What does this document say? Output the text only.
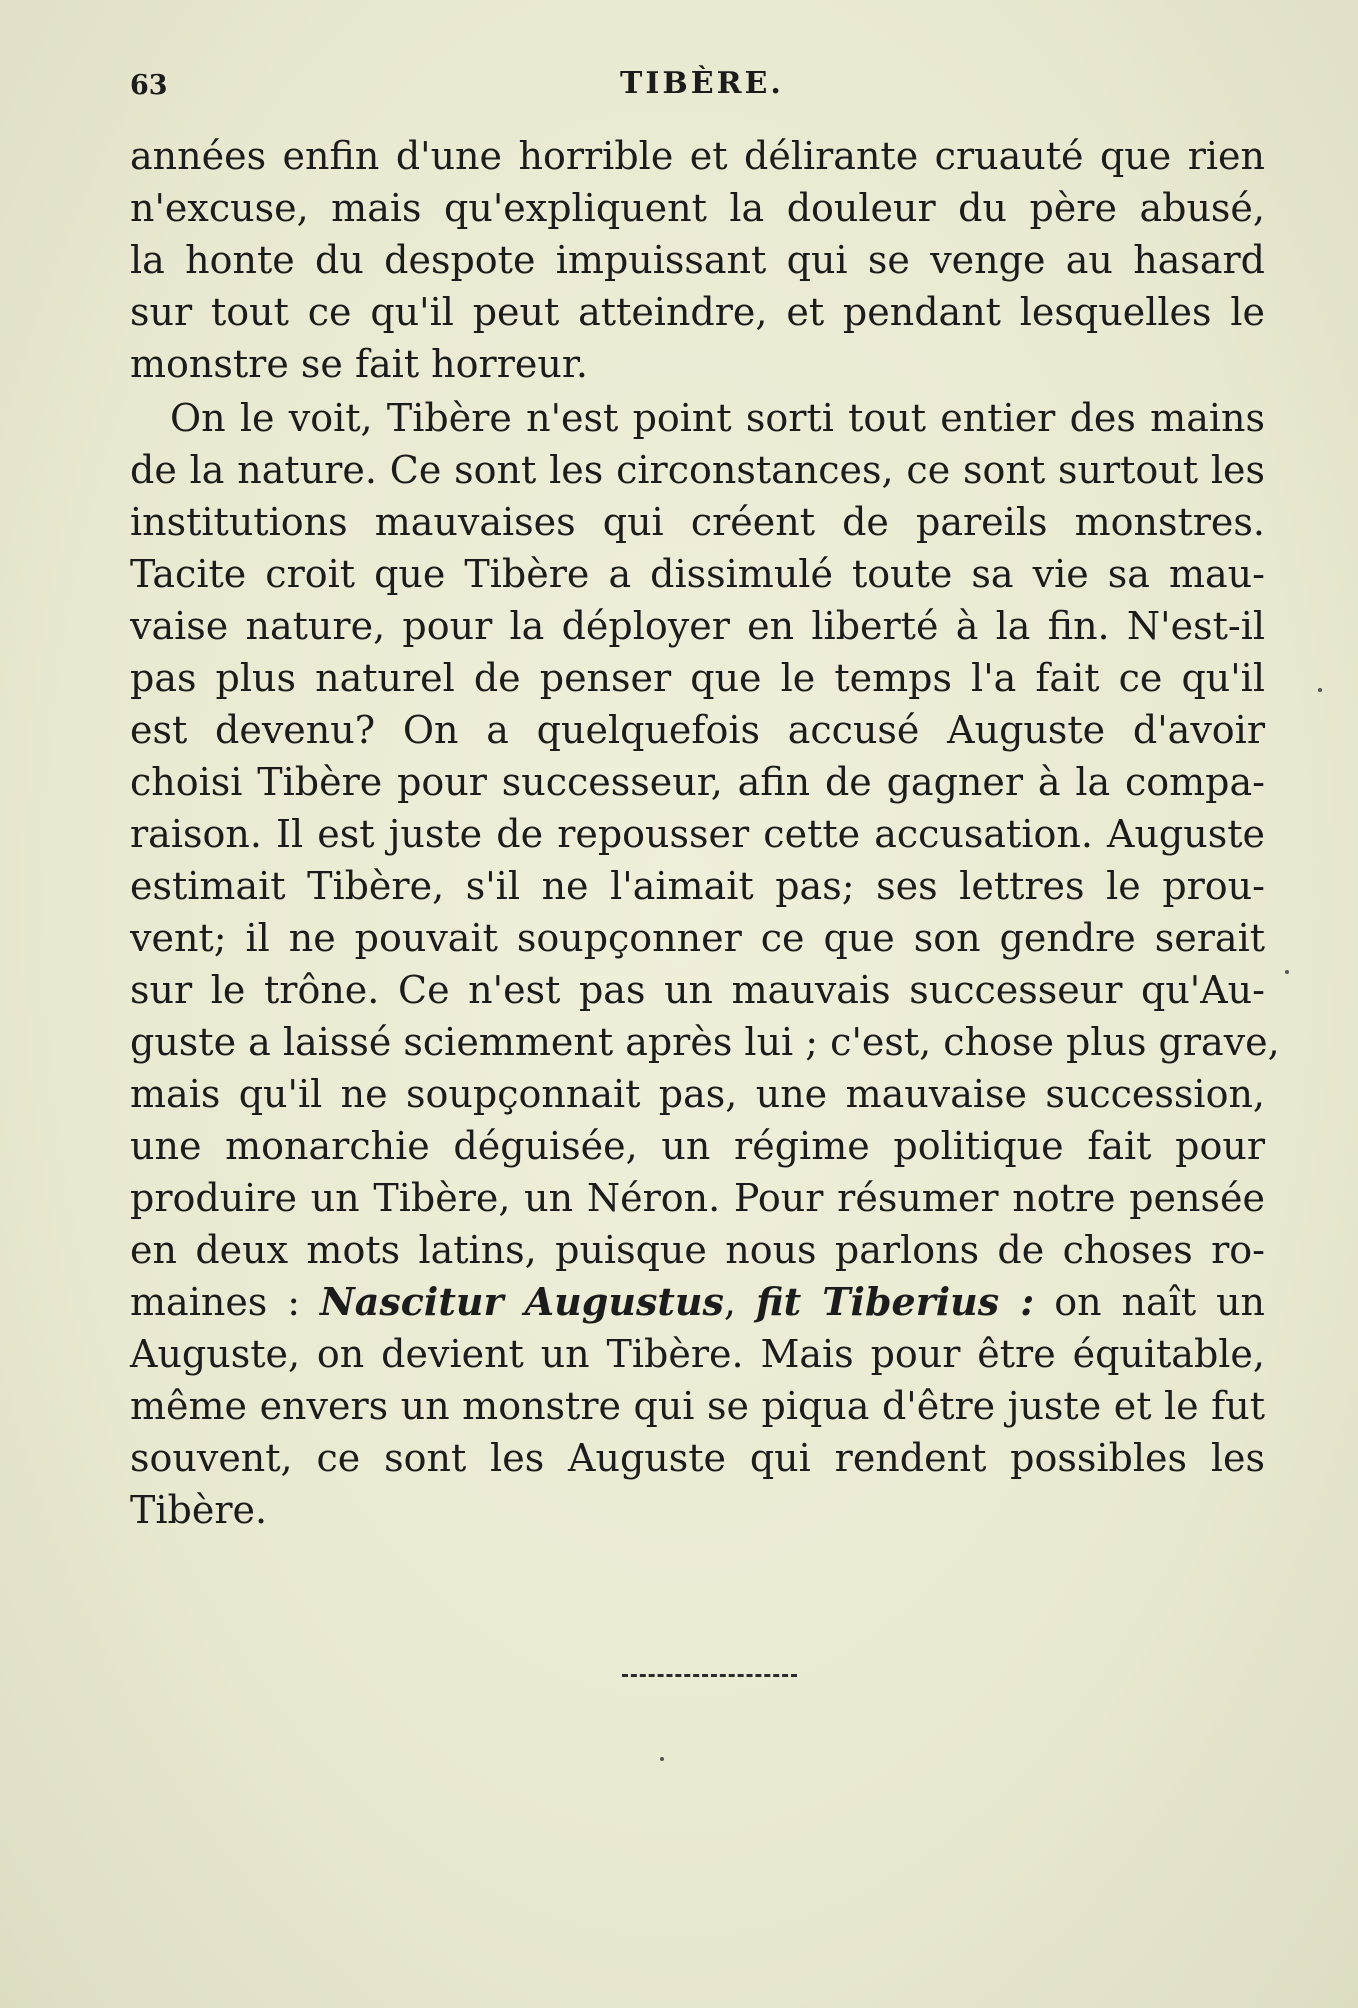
63	TIBÈRE.
années enfin d'une horrible et délirante cruauté que rien
n'excuse, mais qu'expliquent la douleur du père abusé,
la honte du despote impuissant qui se venge au hasard
sur tout ce qu'il peut atteindre, et pendant lesquelles le
monstre se fait horreur.
On le voit, Tibère n'est point sorti tout entier des mains
de la nature. Ce sont les circonstances, ce sont surtout les
institutions mauvaises qui créent de pareils monstres.
Tacite croit que Tibère a dissimulé toute sa vie sa mau-
vaise nature, pour la déployer en liberté à la fin. N'est-il
pas plus naturel de penser que le temps l'a fait ce qu'il
est devenu? On a quelquefois accusé Auguste d'avoir
choisi Tibère pour successeur, afin de gagner à la compa-
raison. Il est juste de repousser cette accusation. Auguste
estimait Tibère, s'il ne l'aimait pas; ses lettres le prou-
vent; il ne pouvait soupçonner ce que son gendre serait
sur le trône. Ce n'est pas un mauvais successeur qu'Au-
guste a laissé sciemment après lui ; c'est, chose plus grave,
mais qu'il ne soupçonnait pas, une mauvaise succession,
une monarchie déguisée, un régime politique fait pour
produire un Tibère, un Néron. Pour résumer notre pensée
en deux mots latins, puisque nous parlons de choses ro-
maines : Nascitur Augustus, fit Tiberius : on naît un
Auguste, on devient un Tibère. Mais pour être équitable,
même envers un monstre qui se piqua d'être juste et le fut
souvent, ce sont les Auguste qui rendent possibles les
Tibère.
